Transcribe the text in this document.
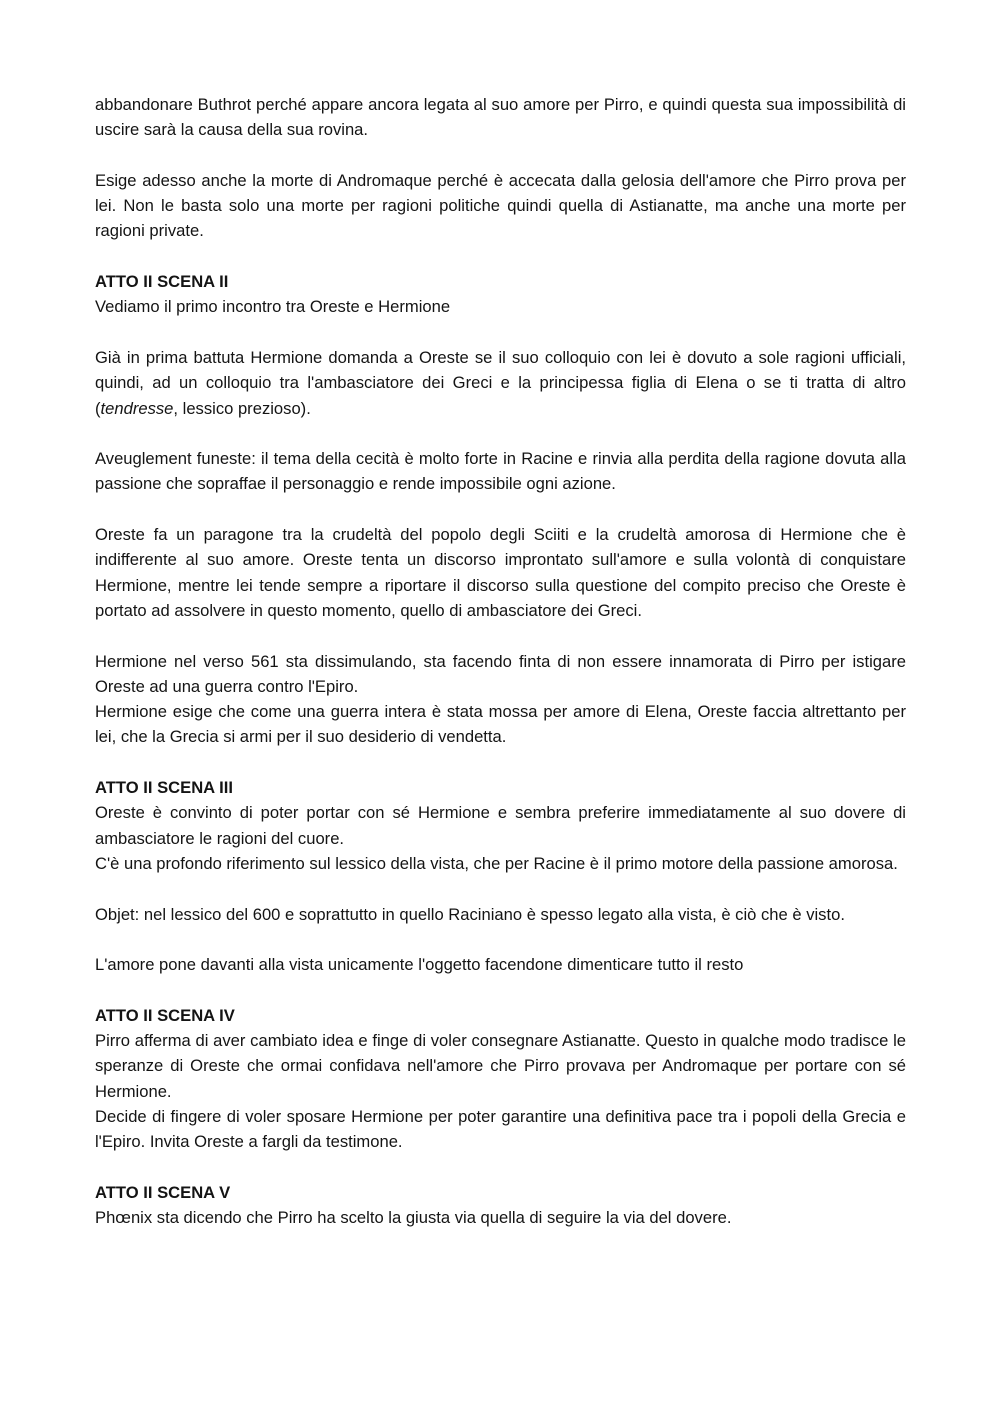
abbandonare Buthrot perché appare ancora legata al suo amore per Pirro, e quindi questa sua impossibilità di uscire sarà la causa della sua rovina.

Esige adesso anche la morte di Andromaque perché è accecata dalla gelosia dell'amore che Pirro prova per lei. Non le basta solo una morte per ragioni politiche quindi quella di Astianatte, ma anche una morte per ragioni private.

ATTO II SCENA II

Vediamo il primo incontro tra Oreste e Hermione

Già in prima battuta Hermione domanda a Oreste se il suo colloquio con lei è dovuto a sole ragioni ufficiali, quindi, ad un colloquio tra l'ambasciatore dei Greci e la principessa figlia di Elena o se ti tratta di altro (tendresse, lessico prezioso).

Aveuglement funeste: il tema della cecità è molto forte in Racine e rinvia alla perdita della ragione dovuta alla passione che sopraffae il personaggio e rende impossibile ogni azione.

Oreste fa un paragone tra la crudeltà del popolo degli Sciiti e la crudeltà amorosa di Hermione che è indifferente al suo amore. Oreste tenta un discorso improntato sull'amore e sulla volontà di conquistare Hermione, mentre lei tende sempre a riportare il discorso sulla questione del compito preciso che Oreste è portato ad assolvere in questo momento, quello di ambasciatore dei Greci.

Hermione nel verso 561 sta dissimulando, sta facendo finta di non essere innamorata di Pirro per istigare Oreste ad una guerra contro l'Epiro.

Hermione esige che come una guerra intera è stata mossa per amore di Elena, Oreste faccia altrettanto per lei, che la Grecia si armi per il suo desiderio di vendetta.

ATTO II SCENA III

Oreste è convinto di poter portar con sé Hermione e sembra preferire immediatamente al suo dovere di ambasciatore le ragioni del cuore.

C'è una profondo riferimento sul lessico della vista, che per Racine è il primo motore della passione amorosa.

Objet: nel lessico del 600 e soprattutto in quello Raciniano è spesso legato alla vista, è ciò che è visto.

L'amore pone davanti alla vista unicamente l'oggetto facendone dimenticare tutto il resto

ATTO II SCENA IV

Pirro afferma di aver cambiato idea e finge di voler consegnare Astianatte. Questo in qualche modo tradisce le speranze di Oreste che ormai confidava nell'amore che Pirro provava per Andromaque per portare con sé Hermione.

Decide di fingere di voler sposare Hermione per poter garantire una definitiva pace tra i popoli della Grecia e l'Epiro. Invita Oreste a fargli da testimone.

ATTO II SCENA V

Phœnix sta dicendo che Pirro ha scelto la giusta via quella di seguire la via del dovere.
